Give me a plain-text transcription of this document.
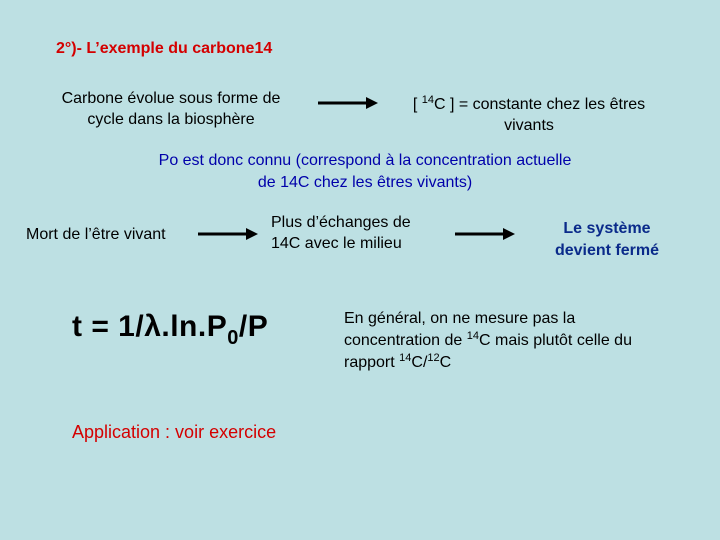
2°)- L’exemple du carbone14
Carbone évolue sous forme de
cycle dans la biosphère
[ $^{14}$C ] = constante chez les êtres
vivants
Po est donc connu (correspond à la concentration actuelle
de 14C chez les êtres vivants)
Mort de l’être vivant
Plus d’échanges de
14C avec le milieu
Le système
devient fermé
$t = 1/\lambda.\ln.P_0/P$	En général, on ne mesure pas la
concentration de $^{14}$C mais plutôt celle du
rapport $^{14}$C/$^{12}$C
Application : voir exercice
